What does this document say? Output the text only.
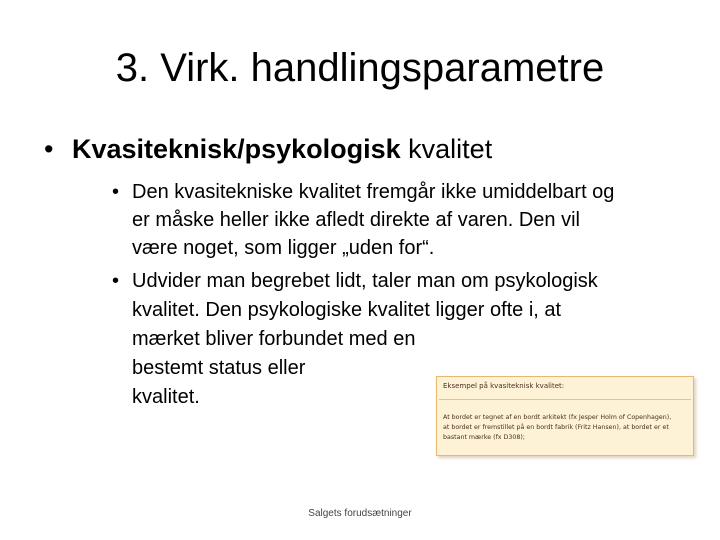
3. Virk. handlingsparametre
• Kvasiteknisk/psykologisk kvalitet
• Den kvasitekniske kvalitet fremgår ikke umiddelbart og
er måske heller ikke afledt direkte af varen. Den vil
være noget, som ligger „uden for“.
• Udvider man begrebet lidt, taler man om psykologisk
kvalitet. Den psykologiske kvalitet ligger ofte i, at
mærket bliver forbundet med en
bestemt status eller
kvalitet.	Eksempel på kvasiteknisk kvalitet:
At bordet er tegnet af en bordt arkitekt (fx Jesper Holm of Copenhagen),
at bordet er fremstillet på en bordt fabrik (Fritz Hansen), at bordet er et
bastant mærke (fx D308);
Salgets forudsætninger
